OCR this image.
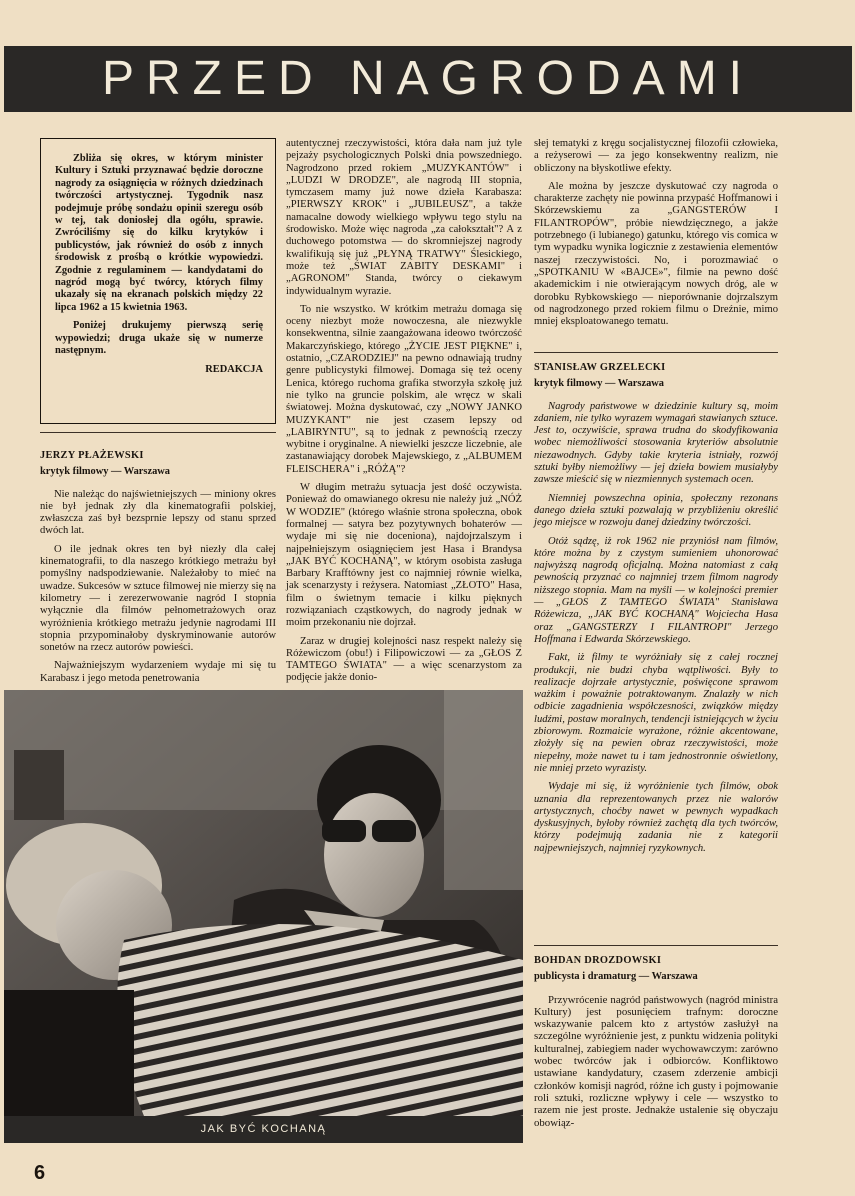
PRZED NAGRODAMI

Zbliża się okres, w którym minister Kultury i Sztuki przyznawać będzie doroczne nagrody za osiągnięcia w różnych dziedzinach twórczości artystycznej. Tygodnik nasz podejmuje próbę sondażu opinii szeregu osób w tej, tak doniosłej dla ogółu, sprawie. Zwróciliśmy się do kilku krytyków i publicystów, jak również do osób z innych środowisk z prośbą o krótkie wypowiedzi. Zgodnie z regulaminem — kandydatami do nagród mogą być twórcy, których filmy ukazały się na ekranach polskich między 22 lipca 1962 a 15 kwietnia 1963.

Poniżej drukujemy pierwszą serię wypowiedzi; druga ukaże się w numerze następnym.

REDAKCJA
JERZY PŁAŻEWSKI
krytyk filmowy — Warszawa

Nie należąc do najświetniejszych — miniony okres nie był jednak zły dla kinematografii polskiej, zwłaszcza zaś był bezsprnie lepszy od stanu sprzed dwóch lat.

O ile jednak okres ten był niezły dla całej kinematografii, to dla naszego krótkiego metrażu był pomyślny nadspodziewanie. Należałoby to mieć na uwadze. Sukcesów w sztuce filmowej nie mierzy się na kilometry — i zerezerwowanie nagród I stopnia wyłącznie dla filmów pełnometrażowych oraz wyróżnienia krótkiego metrażu jedynie nagrodami III stopnia przypominałoby dyskryminowanie autorów sonetów na rzecz autorów powieści.

Najważniejszym wydarzeniem wydaje mi się tu Karabasz i jego metoda penetrowania

autentycznej rzeczywistości, która dała nam już tyle pejzaży psychologicznych Polski dnia powszedniego. Nagrodzono przed rokiem „MUZYKANTÓW" i „LUDZI W DRODZE", ale nagrodą III stopnia, tymczasem mamy już nowe dzieła Karabasza: „PIERWSZY KROK" i „JUBILEUSZ", a także namacalne dowody wielkiego wpływu tego stylu na środowisko. Może więc nagroda „za całokształt"? A z duchowego potomstwa — do skromniejszej nagrody kwalifikują się już „PŁYNĄ TRATWY" Ślesickiego, może też „ŚWIAT ZABITY DESKAMI" i „AGRONOM" Standa, twórcy o ciekawym indywidualnym wyrazie.

To nie wszystko. W krótkim metrażu domaga się oceny niezbyt może nowoczesna, ale niezwykle konsekwentna, silnie zaangażowana ideowo twórczość Makarczyńskiego, którego „ŻYCIE JEST PIĘKNE" i, ostatnio, „CZARODZIEJ" na pewno odnawiają trudny genre publicystyki filmowej. Domaga się też oceny Lenica, którego ruchoma grafika stworzyła szkołę już nie tylko na gruncie polskim, ale wręcz w skali światowej. Można dyskutować, czy „NOWY JANKO MUZYKANT" nie jest czasem lepszy od „LABIRYNTU", są to jednak z pewnością rzeczy wybitne i oryginalne. A niewielki jeszcze liczebnie, ale zastanawiający dorobek Majewskiego, z „ALBUMEM FLEISCHERA" i „RÓŻĄ"?

W długim metrażu sytuacja jest dość oczywista. Ponieważ do omawianego okresu nie należy już „NÓŻ W WODZIE" (którego właśnie strona społeczna, obok formalnej — satyra bez pozytywnych bohaterów — wydaje mi się nie doceniona), najdojrzalszym i najpełniejszym osiągnięciem jest Hasa i Brandysa „JAK BYĆ KOCHANĄ", w którym osobista zasługa Barbary Krafftówny jest co najmniej równie wielka, jak scenarzysty i reżysera. Natomiast „ZŁOTO" Hasa, film o świetnym temacie i kilku pięknych rozwiązaniach cząstkowych, do nagrody jednak w moim przekonaniu nie dojrzał.

Zaraz w drugiej kolejności nasz respekt należy się Różewiczom (obu!) i Filipowiczowi — za „GŁOS Z TAMTEGO ŚWIATA" — a więc scenarzystom za podjęcie jakże donio-

słej tematyki z kręgu socjalistycznej filozofii człowieka, a reżyserowi — za jego konsekwentny realizm, nie obliczony na błyskotliwe efekty.

Ale można by jeszcze dyskutować czy nagroda o charakterze zachęty nie powinna przypaść Hoffmanowi i Skórzewskiemu za „GANGSTERÓW I FILANTROPÓW", próbie niewdzięcznego, a jakże potrzebnego (i lubianego) gatunku, którego vis comica w tym wypadku wynika logicznie z zestawienia elementów naszej rzeczywistości. No, i porozmawiać o „SPOTKANIU W «BAJCE»", filmie na pewno dość akademickim i nie otwierającym nowych dróg, ale w dorobku Rybkowskiego — nieporównanie dojrzalszym od nagrodzonego przed rokiem filmu o Dreźnie, mimo mniej eksploatowanego tematu.

STANISŁAW GRZELECKI
krytyk filmowy — Warszawa

Nagrody państwowe w dziedzinie kultury są, moim zdaniem, nie tylko wyrazem wymagań stawianych sztuce. Jest to, oczywiście, sprawa trudna do skodyfikowania wobec niemożliwości stosowania kryteriów absolutnie niezawodnych. Gdyby takie kryteria istniały, rozwój sztuki byłby niemożliwy — jej dzieła bowiem musiałyby zawsze mieścić się w niezmiennych systemach ocen.

Niemniej powszechna opinia, społeczny rezonans danego dzieła sztuki pozwalają w przybliżeniu określić jego miejsce w rozwoju danej dziedziny twórczości.

Otóż sądzę, iż rok 1962 nie przyniósł nam filmów, które można by z czystym sumieniem uhonorować najwyższą nagrodą oficjalną. Można natomiast z całą pewnością przyznać co najmniej trzem filmom nagrody niższego stopnia. Mam na myśli — w kolejności premier — „GŁOS Z TAMTEGO ŚWIATA" Stanisława Różewicza, „JAK BYĆ KOCHANĄ" Wojciecha Hasa oraz „GANGSTERZY I FILANTROPI" Jerzego Hoffmana i Edwarda Skórzewskiego.

Fakt, iż filmy te wyróżniały się z całej rocznej produkcji, nie budzi chyba wątpliwości. Były to realizacje dojrzałe artystycznie, poświęcone sprawom ważkim i poważnie potraktowanym. Znalazły w nich odbicie zagadnienia współczesności, związków między ludźmi, postaw moralnych, tendencji istniejących w życiu zbiorowym. Rozmaicie wyrażone, różnie akcentowane, złożyły się na pewien obraz rzeczywistości, może niepełny, może nawet tu i tam jednostronnie oświetlony, nie mniej przeto wyrazisty.

Wydaje mi się, iż wyróżnienie tych filmów, obok uznania dla reprezentowanych przez nie walorów artystycznych, choćby nawet w pewnych wypadkach dyskusyjnych, byłoby również zachętą dla tych twórców, którzy podejmują zadania nie z kategorii najpewniejszych, najmniej ryzykownych.

BOHDAN DROZDOWSKI
publicysta i dramaturg — Warszawa

Przywrócenie nagród państwowych (nagród ministra Kultury) jest posunięciem trafnym: doroczne wskazywanie palcem kto z artystów zasłużył na szczególne wyróżnienie jest, z punktu widzenia polityki kulturalnej, zabiegiem nader wychowawczym: zarówno wobec twórców jak i odbiorców. Konfliktowo ustawiane kandydatury, czasem zderzenie ambicji członków komisji nagród, różne ich gusty i pojmowanie roli sztuki, rozliczne wpływy i cele — wszystko to razem nie jest proste. Jednakże ustalenie się obyczaju obowiąz-

JAK BYĆ KOCHANĄ
6
